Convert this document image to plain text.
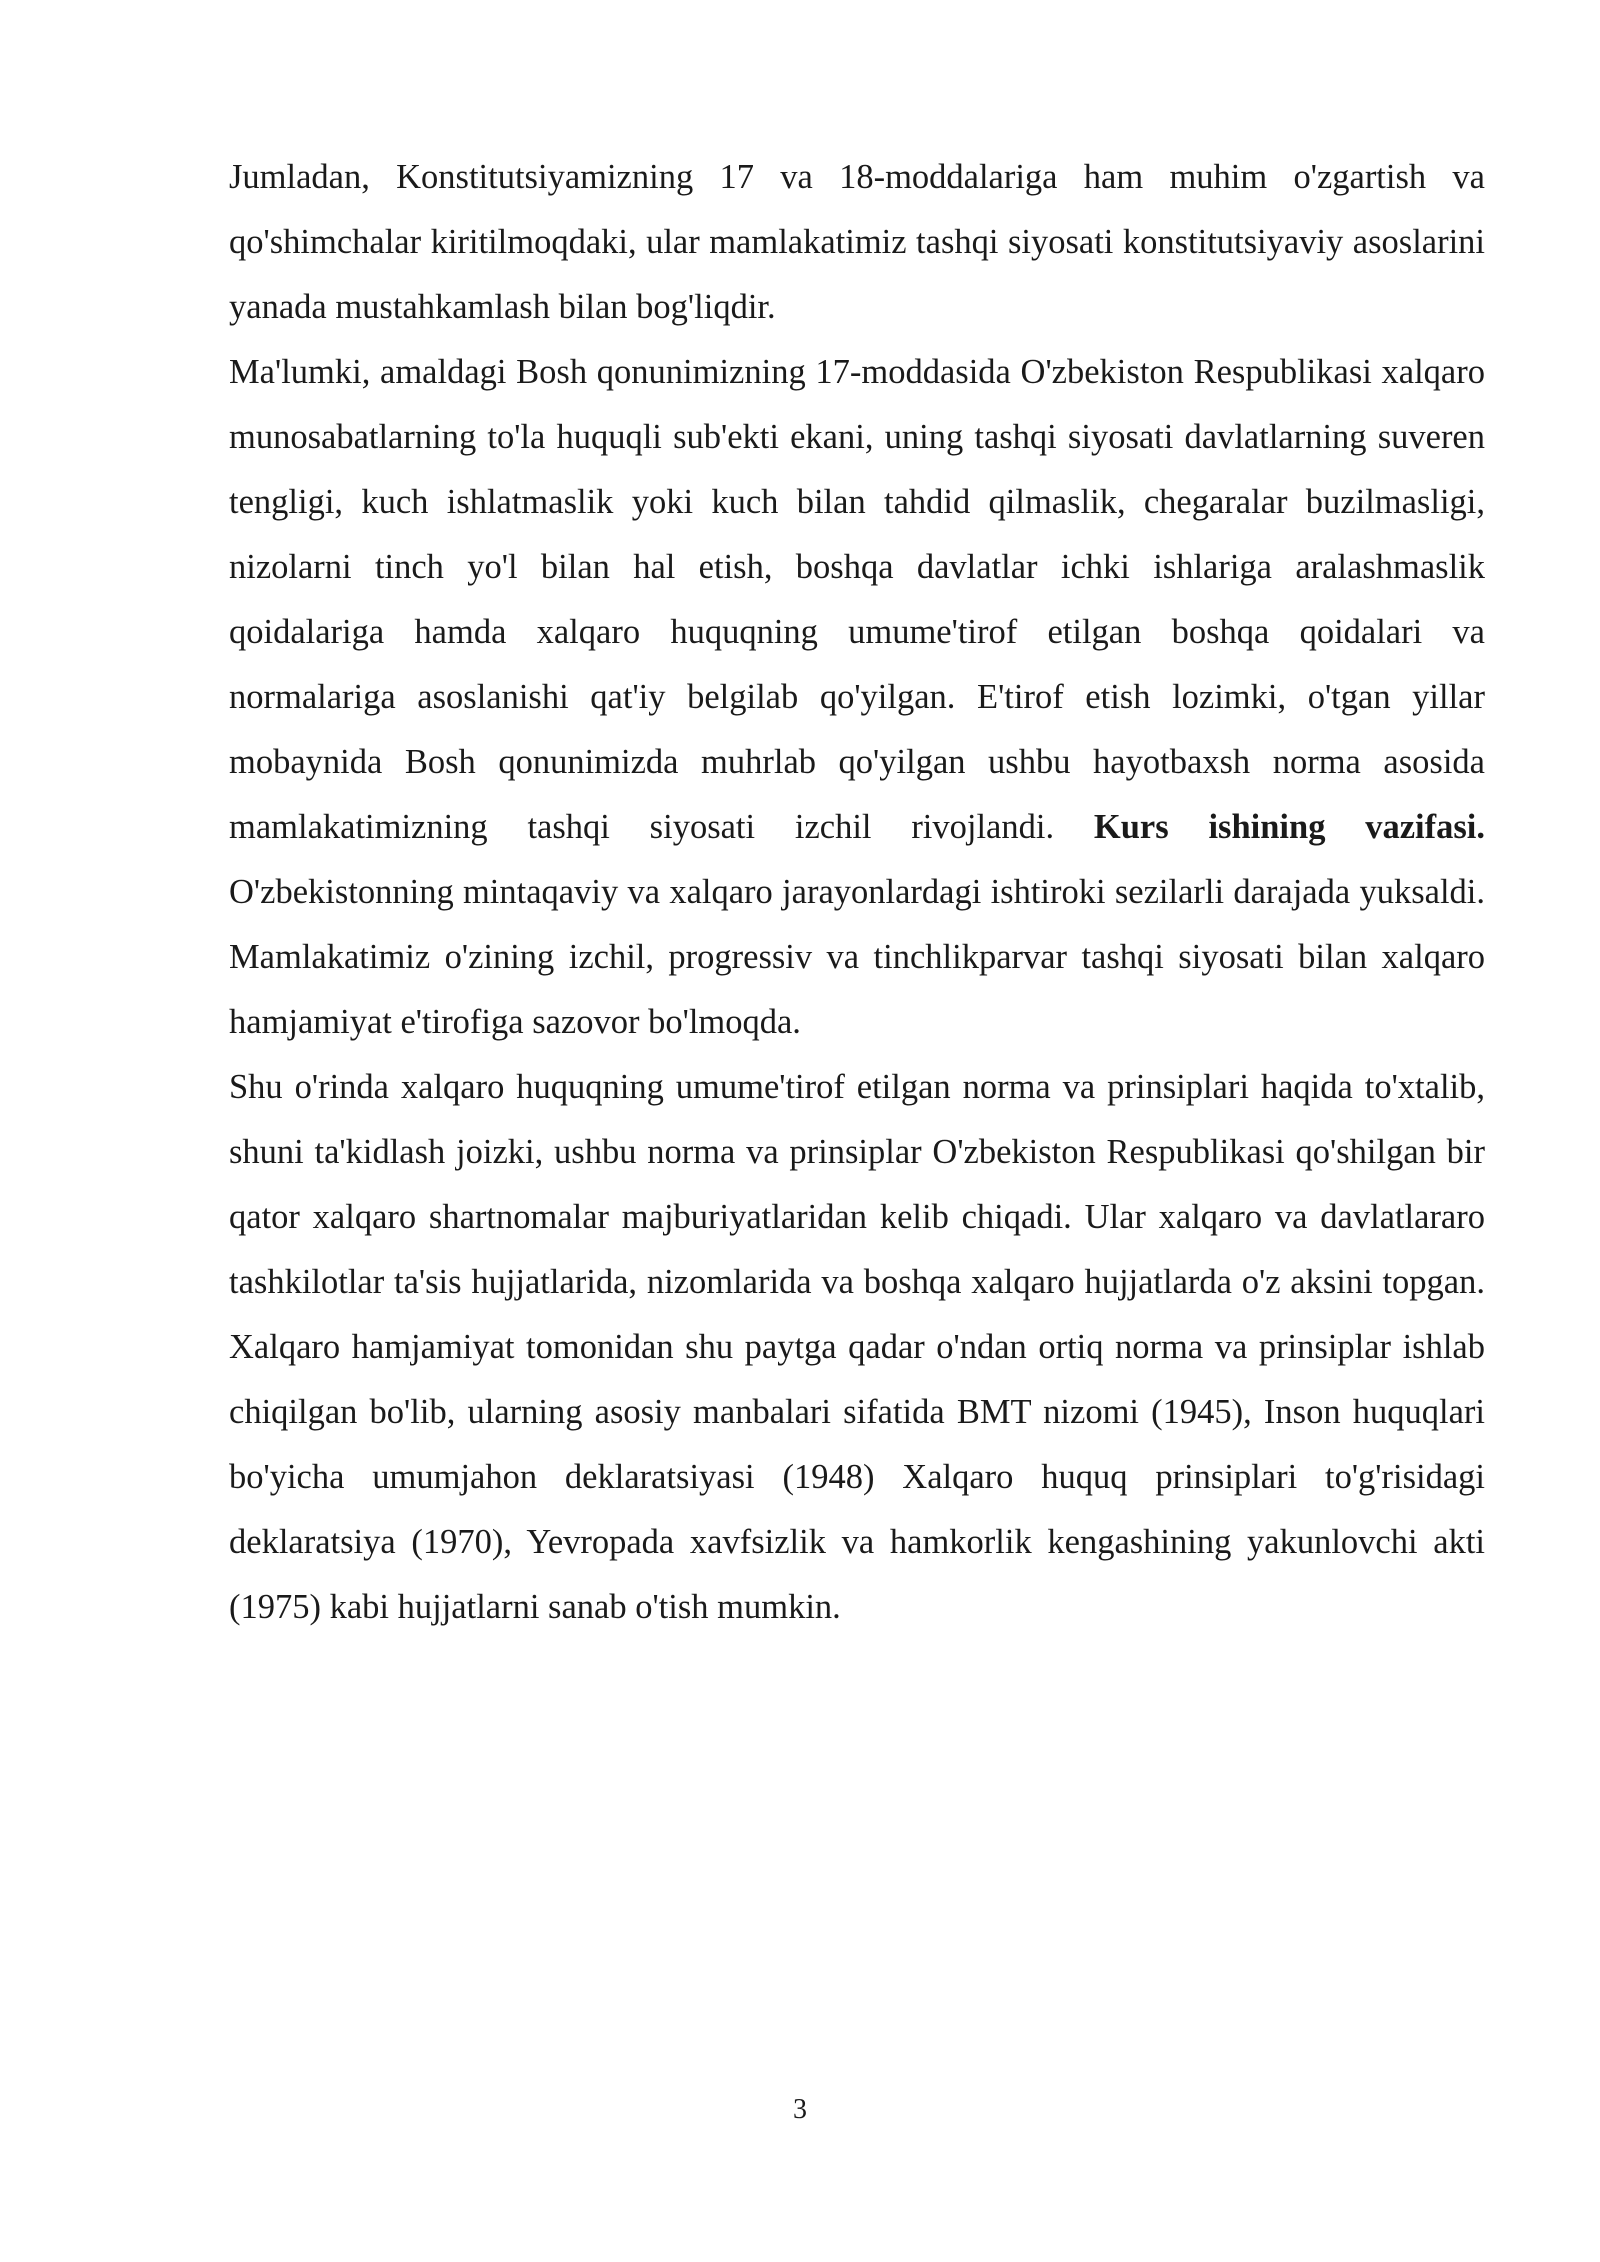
Jumladan, Konstitutsiyamizning 17 va 18-moddalariga ham muhim o'zgartish va qo'shimchalar kiritilmoqdaki, ular mamlakatimiz tashqi siyosati konstitutsiyaviy asoslarini yanada mustahkamlash bilan bog'liqdir.

Ma'lumki, amaldagi Bosh qonunimizning 17-moddasida O'zbekiston Respublikasi xalqaro munosabatlarning to'la huquqli sub'ekti ekani, uning tashqi siyosati davlatlarning suveren tengligi, kuch ishlatmaslik yoki kuch bilan tahdid qilmaslik, chegaralar buzilmasligi, nizolarni tinch yo'l bilan hal etish, boshqa davlatlar ichki ishlariga aralashmaslik qoidalariga hamda xalqaro huquqning umume'tirof etilgan boshqa qoidalari va normalariga asoslanishi qat'iy belgilab qo'yilgan. E'tirof etish lozimki, o'tgan yillar mobaynida Bosh qonunimizda muhrlab qo'yilgan ushbu hayotbaxsh norma asosida mamlakatimizning tashqi siyosati izchil rivojlandi. Kurs ishining vazifasi. O'zbekistonning mintaqaviy va xalqaro jarayonlardagi ishtiroki sezilarli darajada yuksaldi. Mamlakatimiz o'zining izchil, progressiv va tinchlikparvar tashqi siyosati bilan xalqaro hamjamiyat e'tirofiga sazovor bo'lmoqda.

Shu o'rinda xalqaro huquqning umume'tirof etilgan norma va prinsiplari haqida to'xtalib, shuni ta'kidlash joizki, ushbu norma va prinsiplar O'zbekiston Respublikasi qo'shilgan bir qator xalqaro shartnomalar majburiyatlaridan kelib chiqadi. Ular xalqaro va davlatlararo tashkilotlar ta'sis hujjatlarida, nizomlarida va boshqa xalqaro hujjatlarda o'z aksini topgan. Xalqaro hamjamiyat tomonidan shu paytga qadar o'ndan ortiq norma va prinsiplar ishlab chiqilgan bo'lib, ularning asosiy manbalari sifatida BMT nizomi (1945), Inson huquqlari bo'yicha umumjahon deklaratsiyasi (1948) Xalqaro huquq prinsiplari to'g'risidagi deklaratsiya (1970), Yevropada xavfsizlik va hamkorlik kengashining yakunlovchi akti (1975) kabi hujjatlarni sanab o'tish mumkin.

3
